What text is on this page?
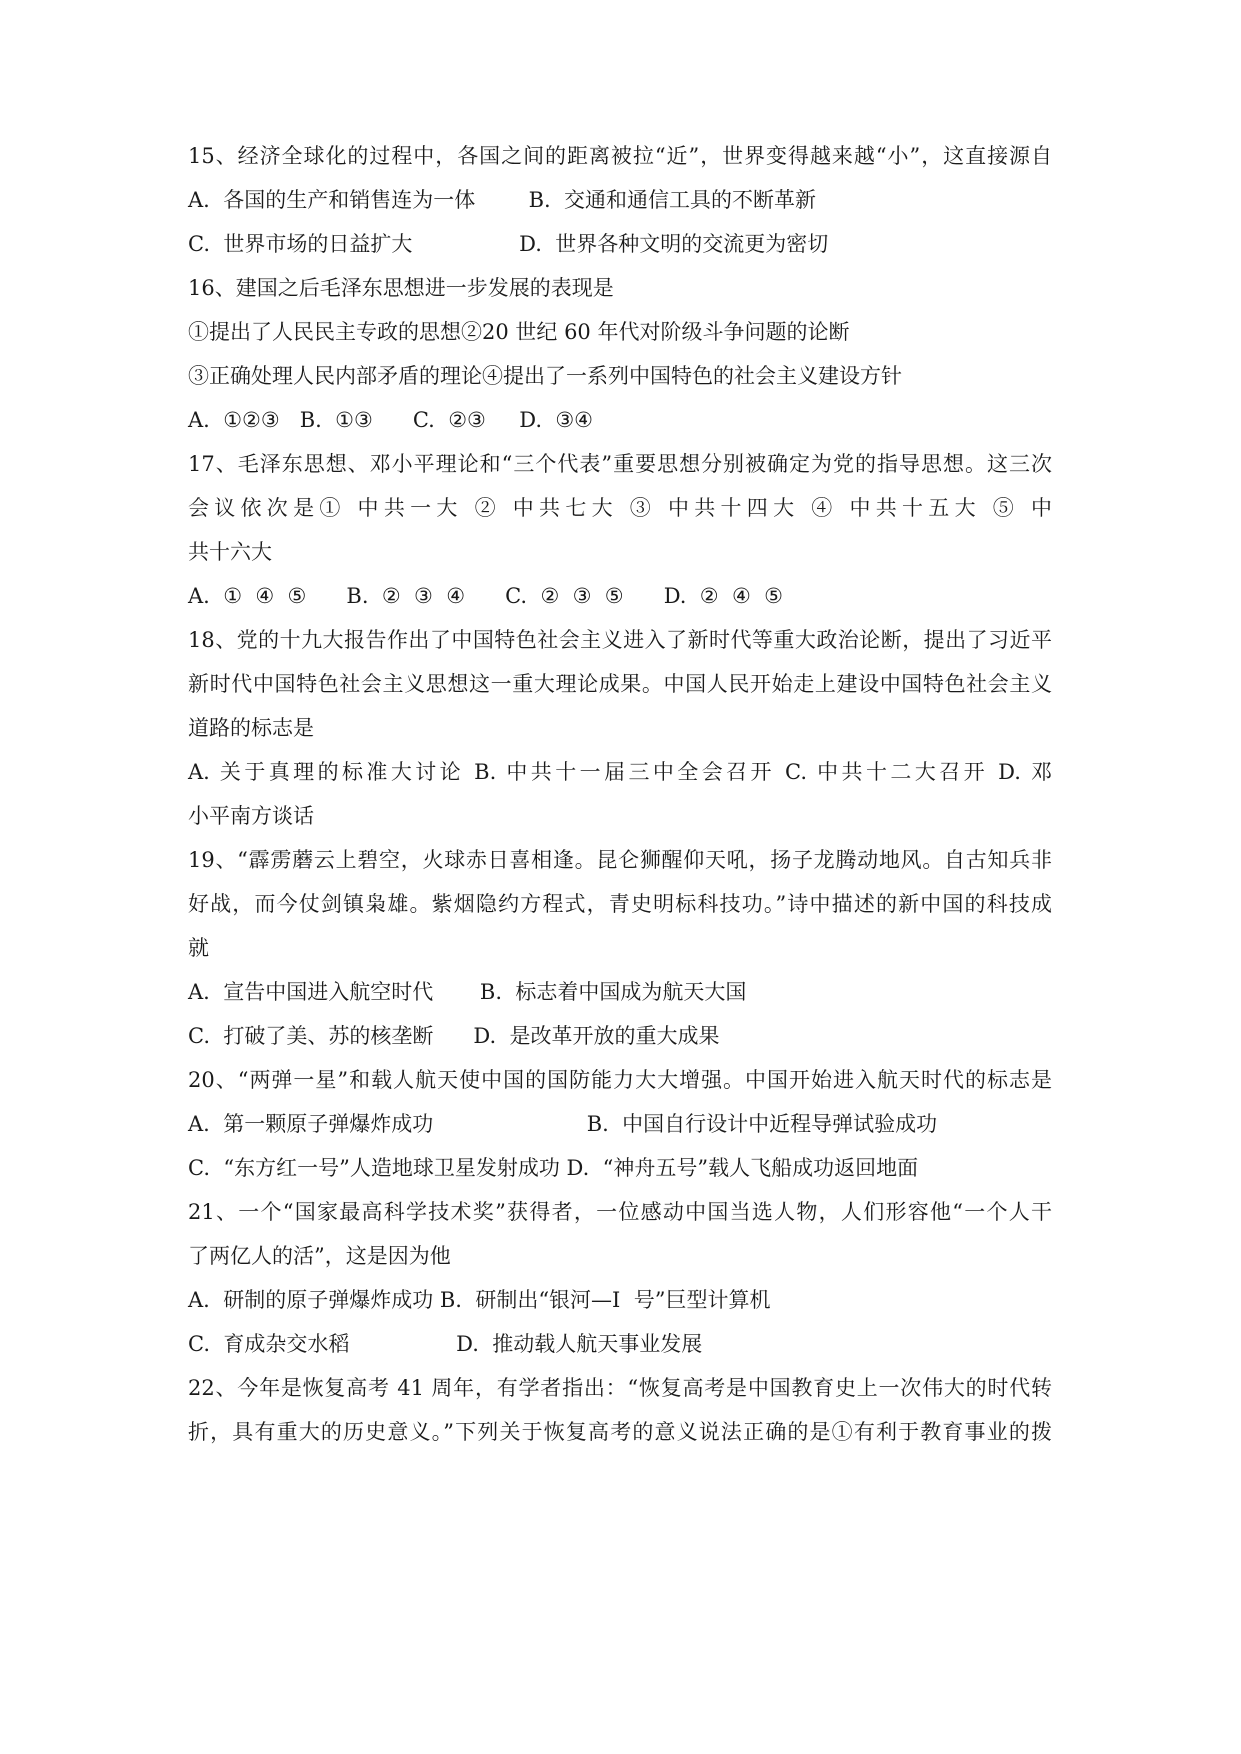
15、经济全球化的过程中，各国之间的距离被拉“近”，世界变得越来越“小”，这直接源自
A.  各国的生产和销售连为一体        B.  交通和通信工具的不断革新
C.  世界市场的日益扩大                D.  世界各种文明的交流更为密切
16、建国之后毛泽东思想进一步发展的表现是
①提出了人民民主专政的思想②20 世纪 60 年代对阶级斗争问题的论断
③正确处理人民内部矛盾的理论④提出了一系列中国特色的社会主义建设方针
A.  ①②③   B.  ①③      C.  ②③     D.  ③④
17、毛泽东思想、邓小平理论和“三个代表”重要思想分别被确定为党的指导思想。这三次
会议依次是① 中共一大 ② 中共七大 ③ 中共十四大 ④ 中共十五大 ⑤ 中
共十六大
A.  ①  ④  ⑤      B.  ②  ③  ④      C.  ②  ③  ⑤      D.  ②  ④  ⑤
18、党的十九大报告作出了中国特色社会主义进入了新时代等重大政治论断，提出了习近平
新时代中国特色社会主义思想这一重大理论成果。中国人民开始走上建设中国特色社会主义
道路的标志是
A. 关于真理的标准大讨论 B. 中共十一届三中全会召开 C. 中共十二大召开 D. 邓
小平南方谈话
19、“霹雳蘑云上碧空，火球赤日喜相逢。昆仑狮醒仰天吼，扬子龙腾动地风。自古知兵非
好战，而今仗剑镇枭雄。紫烟隐约方程式，青史明标科技功。”诗中描述的新中国的科技成
就
A.  宣告中国进入航空时代       B.  标志着中国成为航天大国
C.  打破了美、苏的核垄断      D.  是改革开放的重大成果
20、“两弹一星”和载人航天使中国的国防能力大大增强。中国开始进入航天时代的标志是
A.  第一颗原子弹爆炸成功                       B.  中国自行设计中近程导弹试验成功
C.  “东方红一号”人造地球卫星发射成功 D.  “神舟五号”载人飞船成功返回地面
21、一个“国家最高科学技术奖”获得者，一位感动中国当选人物，人们形容他“一个人干
了两亿人的活”，这是因为他
A.  研制的原子弹爆炸成功 B.  研制出“银河—Ⅰ  号”巨型计算机
C.  育成杂交水稻                D.  推动载人航天事业发展
22、今年是恢复高考 41 周年，有学者指出：“恢复高考是中国教育史上一次伟大的时代转
折，具有重大的历史意义。”下列关于恢复高考的意义说法正确的是①有利于教育事业的拨
